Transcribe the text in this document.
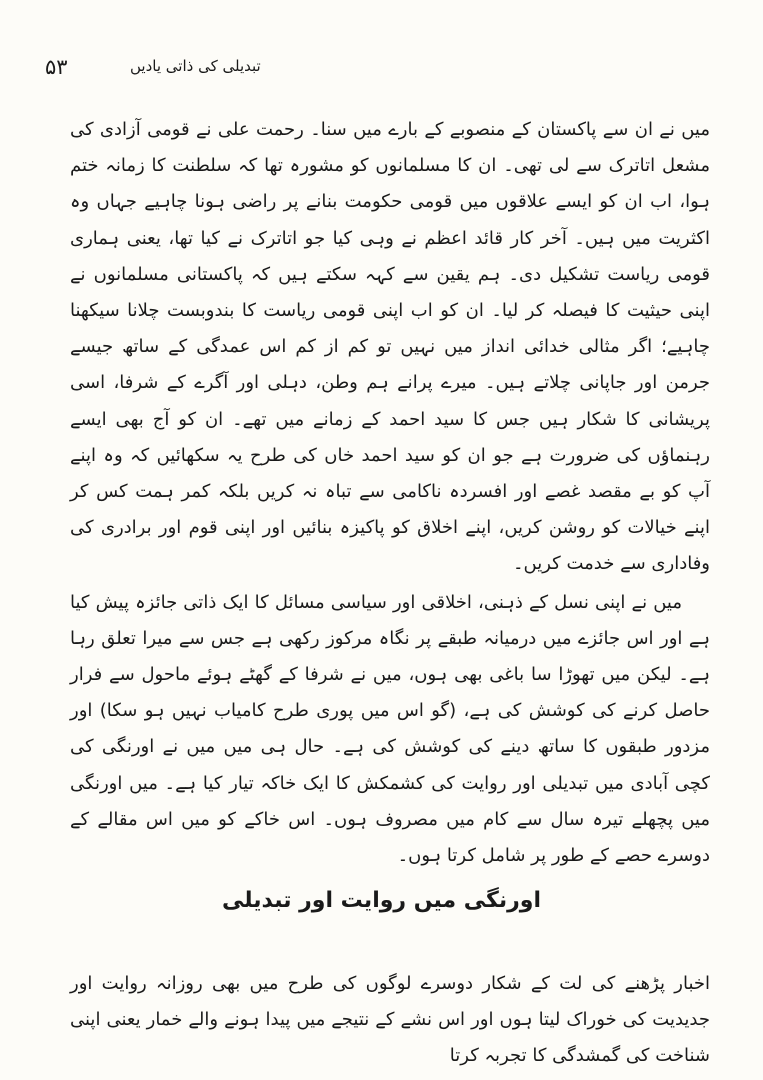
۵۳	تبدیلی کی ذاتی یادیں

میں نے ان سے پاکستان کے منصوبے کے بارے میں سنا۔ رحمت علی نے قومی آزادی کی مشعل اتاترک سے لی تھی۔ ان کا مسلمانوں کو مشورہ تھا کہ سلطنت کا زمانہ ختم ہوا، اب ان کو ایسے علاقوں میں قومی حکومت بنانے پر راضی ہونا چاہیے جہاں وہ اکثریت میں ہیں۔ آخر کار قائد اعظم نے وہی کیا جو اتاترک نے کیا تھا، یعنی ہماری قومی ریاست تشکیل دی۔ ہم یقین سے کہہ سکتے ہیں کہ پاکستانی مسلمانوں نے اپنی حیثیت کا فیصلہ کر لیا۔ ان کو اب اپنی قومی ریاست کا بندوبست چلانا سیکھنا چاہیے؛ اگر مثالی خدائی انداز میں نہیں تو کم از کم اس عمدگی کے ساتھ جیسے جرمن اور جاپانی چلاتے ہیں۔ میرے پرانے ہم وطن، دہلی اور آگرے کے شرفا، اسی پریشانی کا شکار ہیں جس کا سید احمد کے زمانے میں تھے۔ ان کو آج بھی ایسے رہنماؤں کی ضرورت ہے جو ان کو سید احمد خاں کی طرح یہ سکھائیں کہ وہ اپنے آپ کو بے مقصد غصے اور افسردہ ناکامی سے تباہ نہ کریں بلکہ کمر ہمت کس کر اپنے خیالات کو روشن کریں، اپنے اخلاق کو پاکیزہ بنائیں اور اپنی قوم اور برادری کی وفاداری سے خدمت کریں۔

میں نے اپنی نسل کے ذہنی، اخلاقی اور سیاسی مسائل کا ایک ذاتی جائزہ پیش کیا ہے اور اس جائزے میں درمیانہ طبقے پر نگاہ مرکوز رکھی ہے جس سے میرا تعلق رہا ہے۔ لیکن میں تھوڑا سا باغی بھی ہوں، میں نے شرفا کے گھٹے ہوئے ماحول سے فرار حاصل کرنے کی کوشش کی ہے، (گو اس میں پوری طرح کامیاب نہیں ہو سکا) اور مزدور طبقوں کا ساتھ دینے کی کوشش کی ہے۔ حال ہی میں میں نے اورنگی کی کچی آبادی میں تبدیلی اور روایت کی کشمکش کا ایک خاکہ تیار کیا ہے۔ میں اورنگی میں پچھلے تیرہ سال سے کام میں مصروف ہوں۔ اس خاکے کو میں اس مقالے کے دوسرے حصے کے طور پر شامل کرتا ہوں۔

اورنگی میں روایت اور تبدیلی

اخبار پڑھنے کی لت کے شکار دوسرے لوگوں کی طرح میں بھی روزانہ روایت اور جدیدیت کی خوراک لیتا ہوں اور اس نشے کے نتیجے میں پیدا ہونے والے خمار یعنی اپنی شناخت کی گمشدگی کا تجربہ کرتا
